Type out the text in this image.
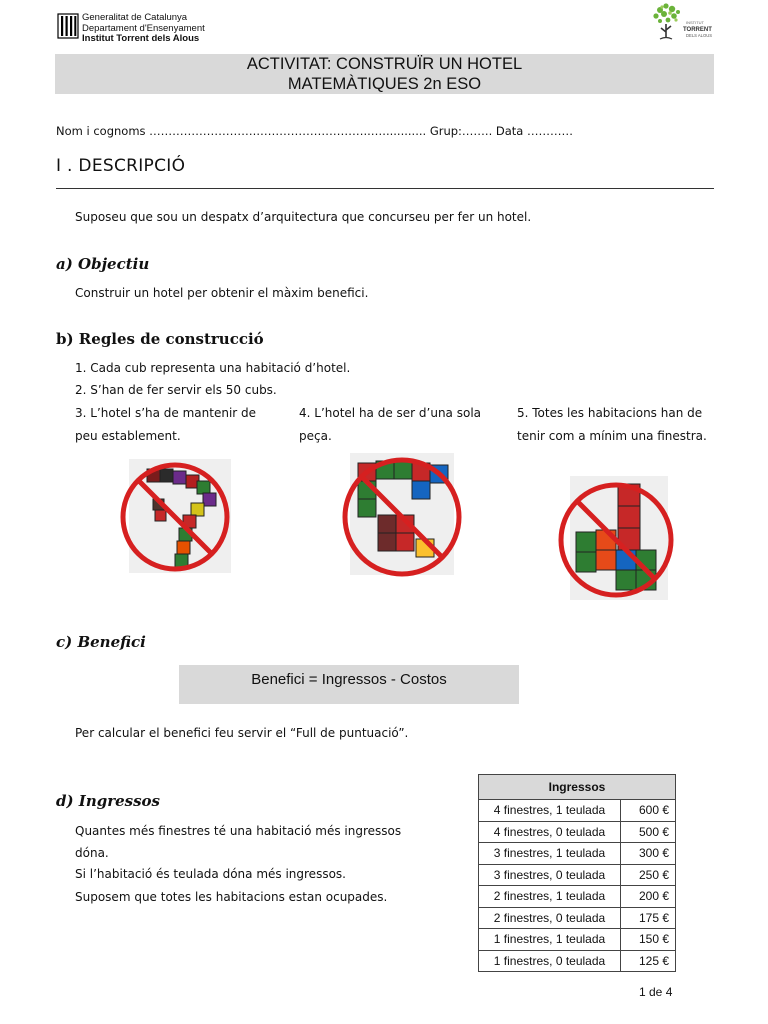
Generalitat de Catalunya
Departament d'Ensenyament
Institut Torrent dels Alous
INSTITUT
TORRENT
DELS ALOUS
ACTIVITAT: CONSTRUÏR UN HOTEL
MATEMÀTIQUES 2n ESO
Nom i cognoms ………………………..………………………..…............ Grup:…….. Data …………
I . DESCRIPCIÓ
Suposeu que sou un despatx d’arquitectura que concurseu per fer un hotel.
a) Objectiu
Construir un hotel per obtenir el màxim benefici.
b) Regles de construcció
1. Cada cub representa una habitació d’hotel.
2. S’han de fer servir els 50 cubs.
3. L’hotel s’ha de mantenir de peu establement.
4. L’hotel ha de ser d’una sola peça.
5. Totes les habitacions han de tenir com a mínim una finestra.
c) Benefici
Benefici = Ingressos - Costos
Per calcular el benefici feu servir el “Full de puntuació”.
d) Ingressos
Quantes més finestres té una habitació més ingressos dóna.
Si l’habitació és teulada dóna més ingressos.
Suposem que totes les habitacions estan ocupades.
Ingressos	
4 finestres, 1 teulada	600 €
4 finestres, 0 teulada	500 €
3 finestres, 1 teulada	300 €
3 finestres, 0 teulada	250 €
2 finestres, 1 teulada	200 €
2 finestres, 0 teulada	175 €
1 finestres, 1 teulada	150 €
1 finestres, 0 teulada	125 €
1 de 4
